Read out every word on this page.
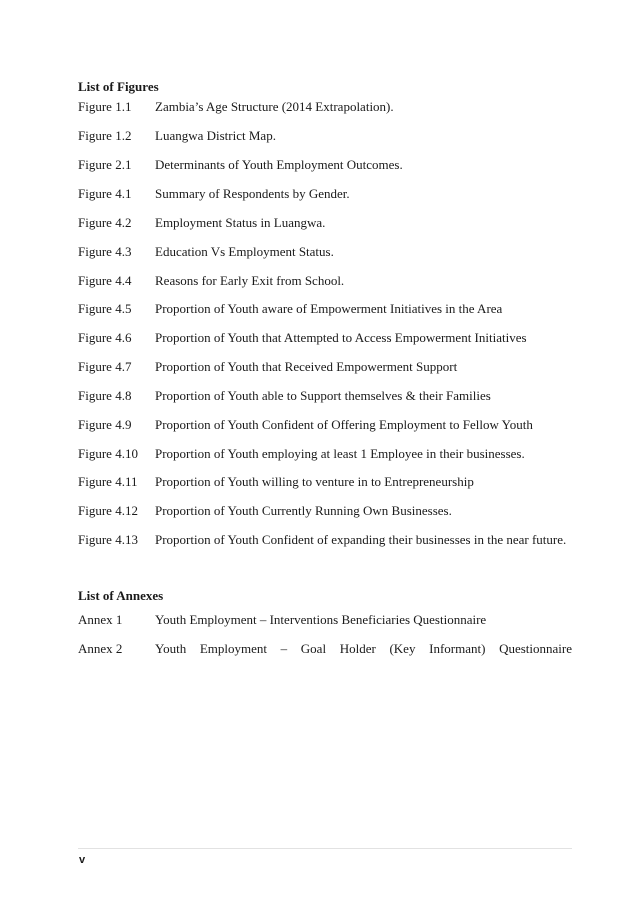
List of Figures
Figure 1.1 Zambia’s Age Structure (2014 Extrapolation).
Figure 1.2 Luangwa District Map.
Figure 2.1 Determinants of Youth Employment Outcomes.
Figure 4.1 Summary of Respondents by Gender.
Figure 4.2 Employment Status in Luangwa.
Figure 4.3 Education Vs Employment Status.
Figure 4.4 Reasons for Early Exit from School.
Figure 4.5 Proportion of Youth aware of Empowerment Initiatives in the Area
Figure 4.6 Proportion of Youth that Attempted to Access Empowerment Initiatives
Figure 4.7 Proportion of Youth that Received Empowerment Support
Figure 4.8 Proportion of Youth able to Support themselves & their Families
Figure 4.9 Proportion of Youth Confident of Offering Employment to Fellow Youth
Figure 4.10 Proportion of Youth employing at least 1 Employee in their businesses.
Figure 4.11 Proportion of Youth willing to venture in to Entrepreneurship
Figure 4.12 Proportion of Youth Currently Running Own Businesses.
Figure 4.13 Proportion of Youth Confident of expanding their businesses in the near future.
List of Annexes
Annex 1	Youth Employment – Interventions Beneficiaries Questionnaire
Annex 2	Youth Employment – Goal Holder (Key Informant) Questionnaire
v
